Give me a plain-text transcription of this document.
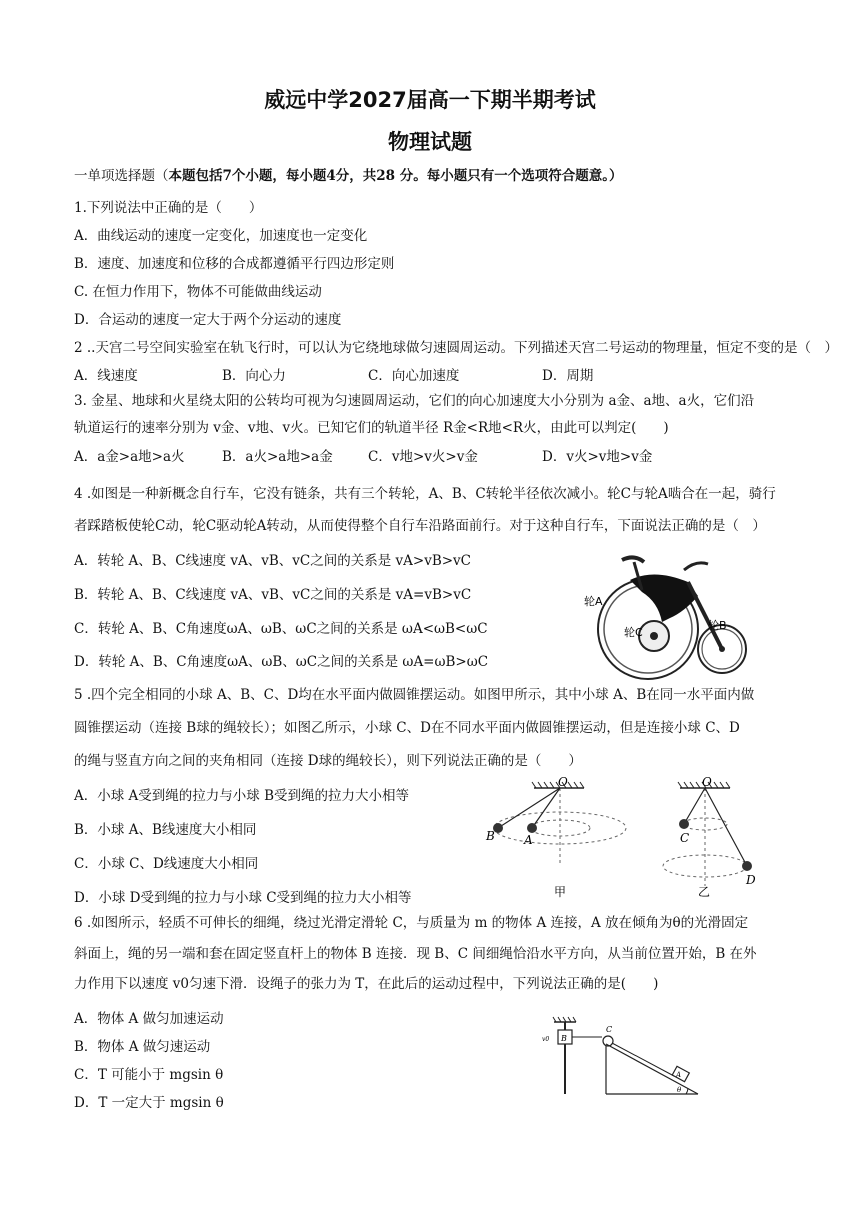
威远中学2027届高一下期半期考试
物理试题
一单项选择题（本题包括7个小题，每小题4分，共28 分。每小题只有一个选项符合题意。）
1.下列说法中正确的是（　　）
A．曲线运动的速度一定变化，加速度也一定变化
B．速度、加速度和位移的合成都遵循平行四边形定则
C. 在恒力作用下，物体不可能做曲线运动
D．合运动的速度一定大于两个分运动的速度
2 ..天宫二号空间实验室在轨飞行时，可以认为它绕地球做匀速圆周运动。下列描述天宫二号运动的物理量，恒定不变的是（　）
A．线速度	B．向心力	C．向心加速度	D．周期
3. 金星、地球和火星绕太阳的公转均可视为匀速圆周运动，它们的向心加速度大小分别为 a金、a地、a火，它们沿
轨道运行的速率分别为 v金、v地、v火。已知它们的轨道半径 R金<R地<R火，由此可以判定(　　)
A．a金>a地>a火	B．a火>a地>a金	C．v地>v火>v金	D．v火>v地>v金
4 .如图是一种新概念自行车，它没有链条，共有三个转轮，A、B、C转轮半径依次减小。轮C与轮A啮合在一起，骑行
者踩踏板使轮C动，轮C驱动轮A转动，从而使得整个自行车沿路面前行。对于这种自行车，下面说法正确的是（　）
A．转轮 A、B、C线速度 vA、vB、vC之间的关系是 vA>vB>vC
B．转轮 A、B、C线速度 vA、vB、vC之间的关系是 vA=vB>vC
C．转轮 A、B、C角速度ωA、ωB、ωC之间的关系是 ωA<ωB<ωC
D．转轮 A、B、C角速度ωA、ωB、ωC之间的关系是 ωA=ωB>ωC
轮A
轮B
轮C
5 .四个完全相同的小球 A、B、C、D均在水平面内做圆锥摆运动。如图甲所示，其中小球 A、B在同一水平面内做
圆锥摆运动（连接 B球的绳较长）；如图乙所示，小球 C、D在不同水平面内做圆锥摆运动，但是连接小球 C、D
的绳与竖直方向之间的夹角相同（连接 D球的绳较长），则下列说法正确的是（　　）
A．小球 A受到绳的拉力与小球 B受到绳的拉力大小相等
B．小球 A、B线速度大小相同
C．小球 C、D线速度大小相同
D．小球 D受到绳的拉力与小球 C受到绳的拉力大小相等
O
B A
甲
O
C
D
乙
6 .如图所示，轻质不可伸长的细绳，绕过光滑定滑轮 C，与质量为 m 的物体 A 连接，A 放在倾角为θ的光滑固定
斜面上，绳的另一端和套在固定竖直杆上的物体 B 连接．现 B、C 间细绳恰沿水平方向，从当前位置开始，B 在外
力作用下以速度 v0匀速下滑．设绳子的张力为 T，在此后的运动过程中，下列说法正确的是(　　)
A．物体 A 做匀加速运动
B．物体 A 做匀速运动
C．T 可能小于 mgsin θ
D．T 一定大于 mgsin θ
B
v0
C
A
θ
